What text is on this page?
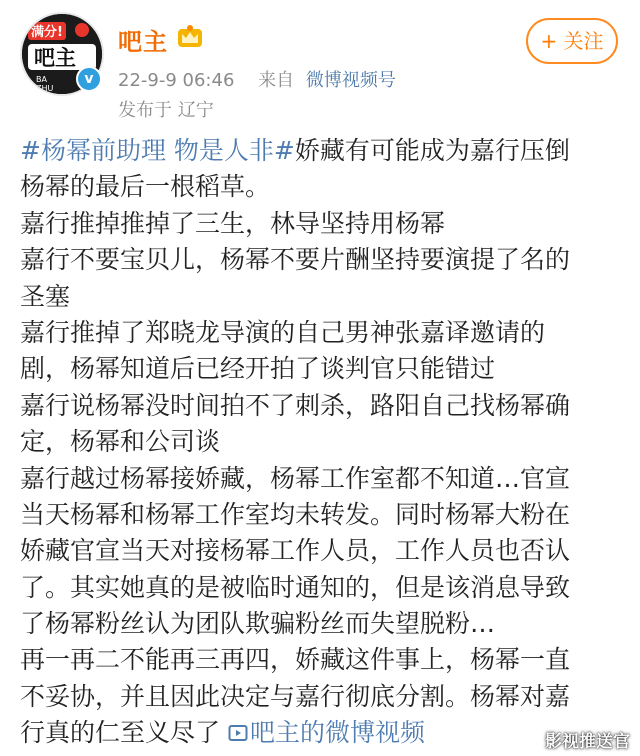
满分!
吧主
BA
ZHU
v
吧主	+ 关注
22-9-9 06:46 来自 微博视频号
发布于 辽宁
#杨幂前助理 物是人非#娇藏有可能成为嘉行压倒
杨幂的最后一根稻草。
嘉行推掉推掉了三生，林导坚持用杨幂
嘉行不要宝贝儿，杨幂不要片酬坚持要演提了名的
圣塞
嘉行推掉了郑晓龙导演的自己男神张嘉译邀请的
剧，杨幂知道后已经开拍了谈判官只能错过
嘉行说杨幂没时间拍不了刺杀，路阳自己找杨幂确
定，杨幂和公司谈
嘉行越过杨幂接娇藏，杨幂工作室都不知道…官宣
当天杨幂和杨幂工作室均未转发。同时杨幂大粉在
娇藏官宣当天对接杨幂工作人员，工作人员也否认
了。其实她真的是被临时通知的，但是该消息导致
了杨幂粉丝认为团队欺骗粉丝而失望脱粉…
再一再二不能再三再四，娇藏这件事上，杨幂一直
不妥协，并且因此决定与嘉行彻底分割。杨幂对嘉
行真的仁至义尽了 吧主的微博视频	影视推送官
